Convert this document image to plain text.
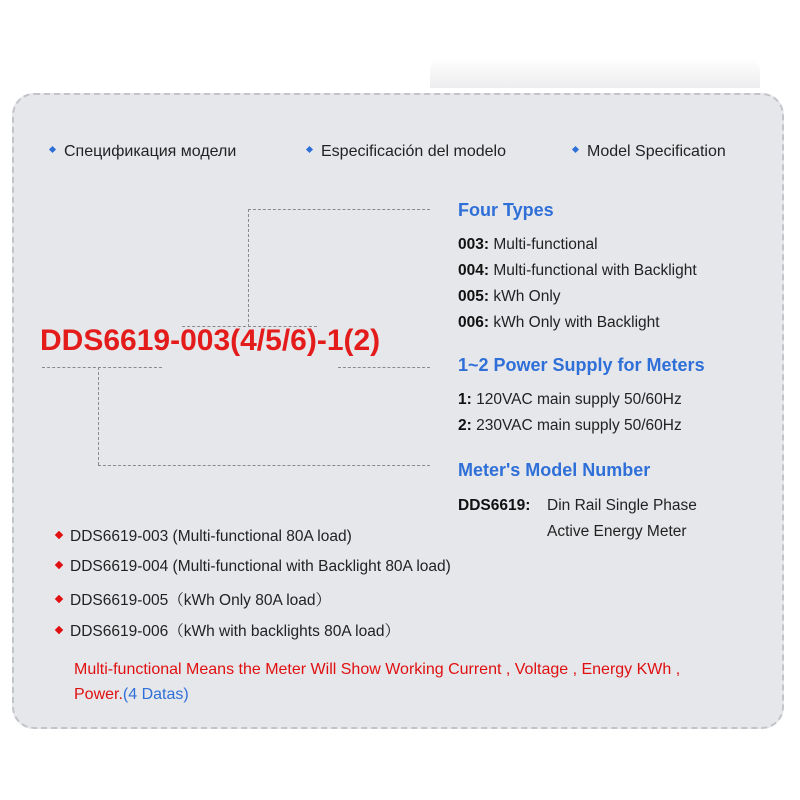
Спецификация модели	Especificación del modelo	Model Specification
DDS6619-003(4/5/6)-1(2)
Four Types
003: Multi-functional
004: Multi-functional with Backlight
005: kWh Only
006: kWh Only with Backlight
1~2 Power Supply for Meters
1: 120VAC main supply 50/60Hz
2: 230VAC main supply 50/60Hz
Meter's Model Number
DDS6619: Din Rail Single Phase
Active Energy Meter
DDS6619-003 (Multi-functional 80A load)
DDS6619-004 (Multi-functional with Backlight 80A load)
DDS6619-005（kWh Only 80A load）
DDS6619-006（kWh with backlights 80A load）
Multi-functional Means the Meter Will Show Working Current , Voltage , Energy KWh ,
Power.(4 Datas)
